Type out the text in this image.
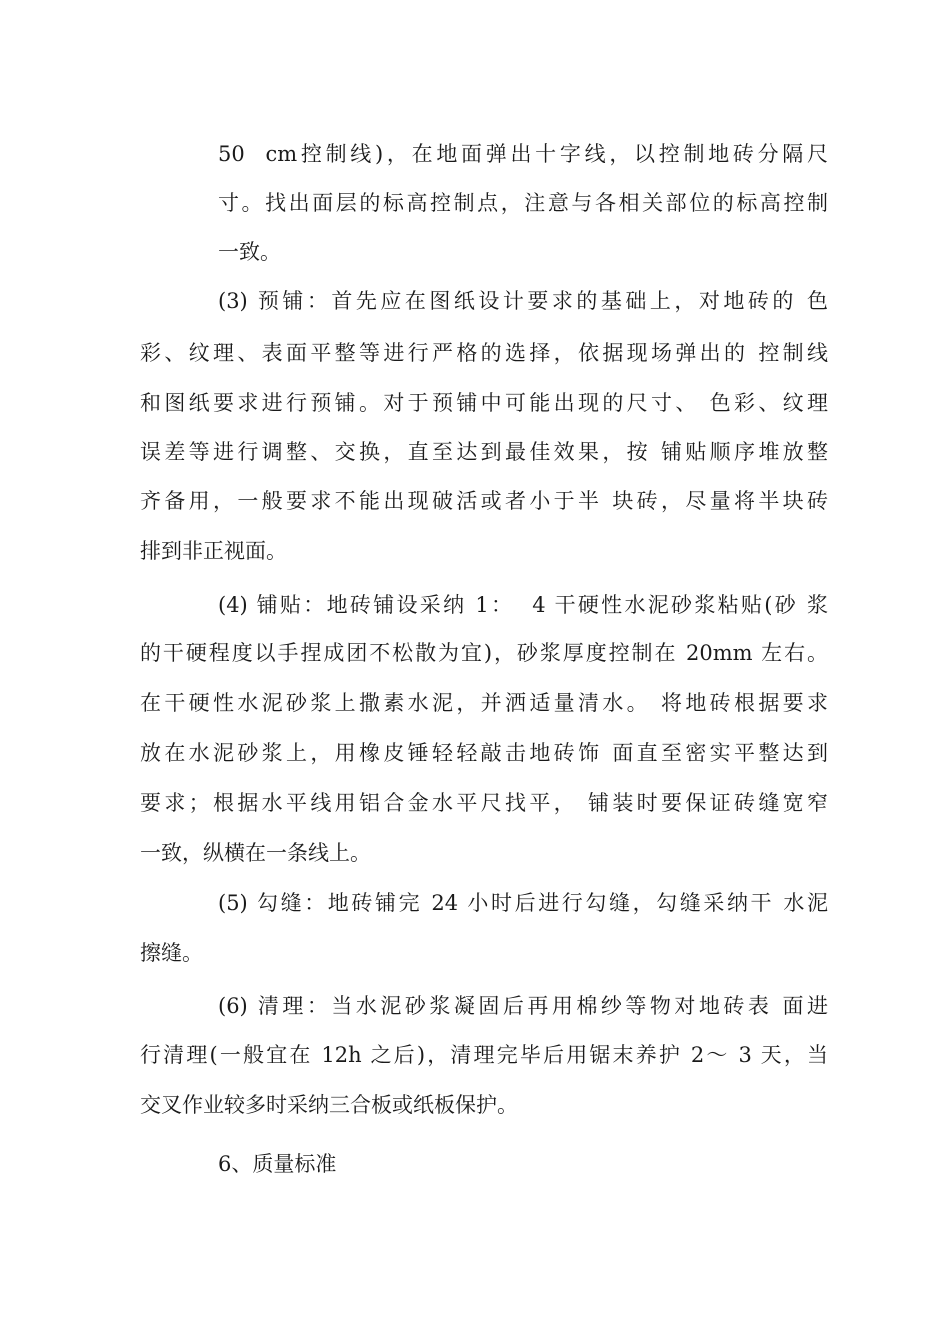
50  cm控制线)，在地面弹出十字线，以控制地砖分隔尺
寸。找出面层的标高控制点，注意与各相关部位的标高控制
一致。
(3) 预铺：首先应在图纸设计要求的基础上，对地砖的 色
彩、纹理、表面平整等进行严格的选择，依据现场弹出的 控制线
和图纸要求进行预铺。对于预铺中可能出现的尺寸、 色彩、纹理
误差等进行调整、交换，直至达到最佳效果，按 铺贴顺序堆放整
齐备用，一般要求不能出现破活或者小于半 块砖，尽量将半块砖
排到非正视面。
(4) 铺贴：地砖铺设采纳 1：  4 干硬性水泥砂浆粘贴(砂 浆
的干硬程度以手捏成团不松散为宜)，砂浆厚度控制在 20mm 左右。
在干硬性水泥砂浆上撒素水泥，并洒适量清水。 将地砖根据要求
放在水泥砂浆上，用橡皮锤轻轻敲击地砖饰 面直至密实平整达到
要求；根据水平线用铝合金水平尺找平， 铺装时要保证砖缝宽窄
一致，纵横在一条线上。
(5) 勾缝：地砖铺完 24 小时后进行勾缝，勾缝采纳干 水泥
擦缝。
(6) 清理：当水泥砂浆凝固后再用棉纱等物对地砖表 面进
行清理(一般宜在 12h 之后)，清理完毕后用锯末养护 2〜 3 天，当
交叉作业较多时采纳三合板或纸板保护。
6、质量标准
